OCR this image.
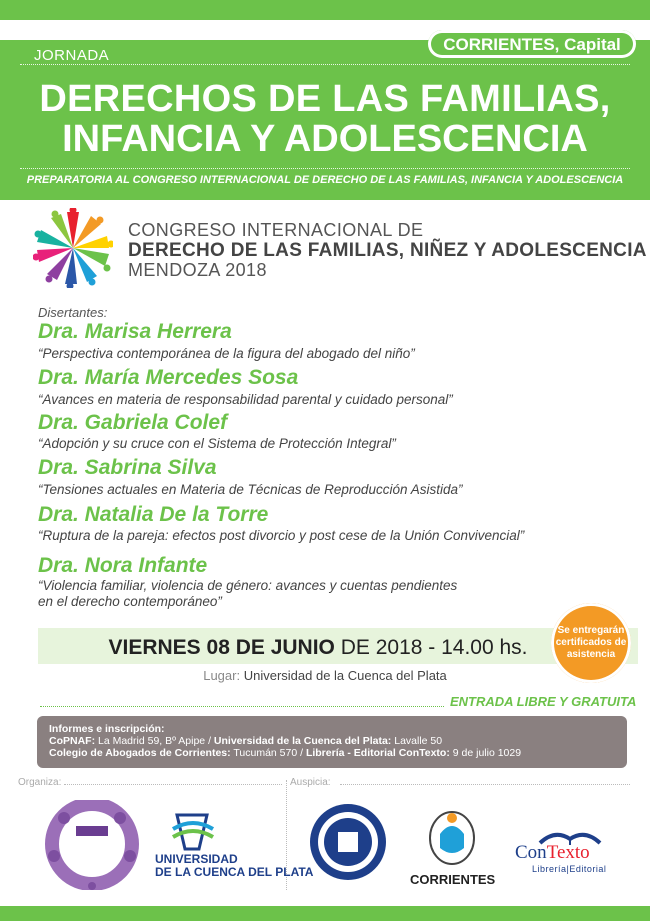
JORNADA
CORRIENTES, Capital
DERECHOS DE LAS FAMILIAS,
INFANCIA Y ADOLESCENCIA
PREPARATORIA AL CONGRESO INTERNACIONAL DE DERECHO DE LAS FAMILIAS, INFANCIA Y ADOLESCENCIA
CONGRESO INTERNACIONAL DE
DERECHO DE LAS FAMILIAS, NIÑEZ Y ADOLESCENCIA
MENDOZA 2018
Disertantes:
Dra. Marisa Herrera
“Perspectiva contemporánea de la figura del abogado del niño”
Dra. María Mercedes Sosa
“Avances en materia de responsabilidad parental y cuidado personal”
Dra. Gabriela Colef
“Adopción y su cruce con el Sistema de Protección Integral”
Dra. Sabrina Silva
“Tensiones actuales en Materia de Técnicas de Reproducción Asistida”
Dra. Natalia De la Torre
“Ruptura de la pareja: efectos post divorcio y post cese de la Unión Convivencial”
Dra. Nora Infante
“Violencia familiar, violencia de género: avances y cuentas pendientes
en el derecho contemporáneo”
VIERNES 08 DE JUNIO DE 2018 - 14.00 hs.
Se entregarán certificados de asistencia
Lugar: Universidad de la Cuenca del Plata
ENTRADA LIBRE Y GRATUITA
Informes e inscripción:
CoPNAF: La Madrid 59, Bº Apipe / Universidad de la Cuenca del Plata: Lavalle 50
Colegio de Abogados de Corrientes: Tucumán 570 / Librería - Editorial ConTexto: 9 de julio 1029
Organiza:	Auspicia:
UNIVERSIDAD
DE LA CUENCA DEL PLATA	CORRIENTES
ConTexto
Librería|Editorial
